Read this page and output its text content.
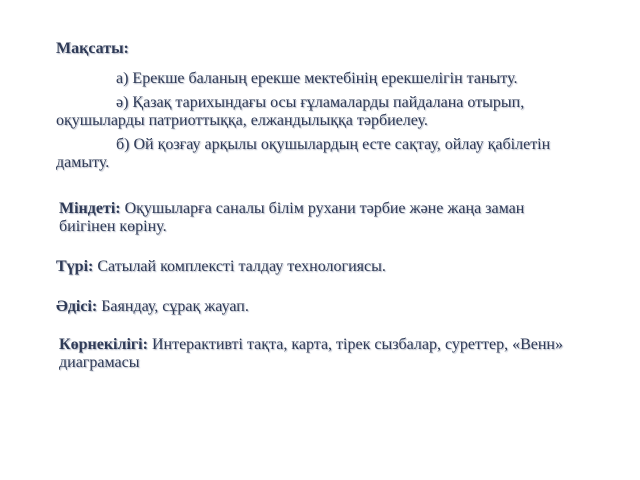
Мақсаты:

а) Ерекше баланың ерекше мектебінің ерекшелігін таныту.

ә) Қазақ тарихындағы осы ғұламаларды пайдалана отырып, оқушыларды патриоттыққа, елжандылыққа тәрбиелеу.

б) Ой қозғау арқылы оқушылардың есте сақтау, ойлау қабілетін дамыту.

Міндеті: Оқушыларға саналы білім рухани тәрбие және жаңа заман биігінен көріну.

Түрі: Сатылай комплексті талдау технологиясы.

Әдісі: Баяндау, сұрақ жауап.

Көрнекілігі: Интерактивті тақта, карта, тірек сызбалар, суреттер, «Венн» диаграмасы
